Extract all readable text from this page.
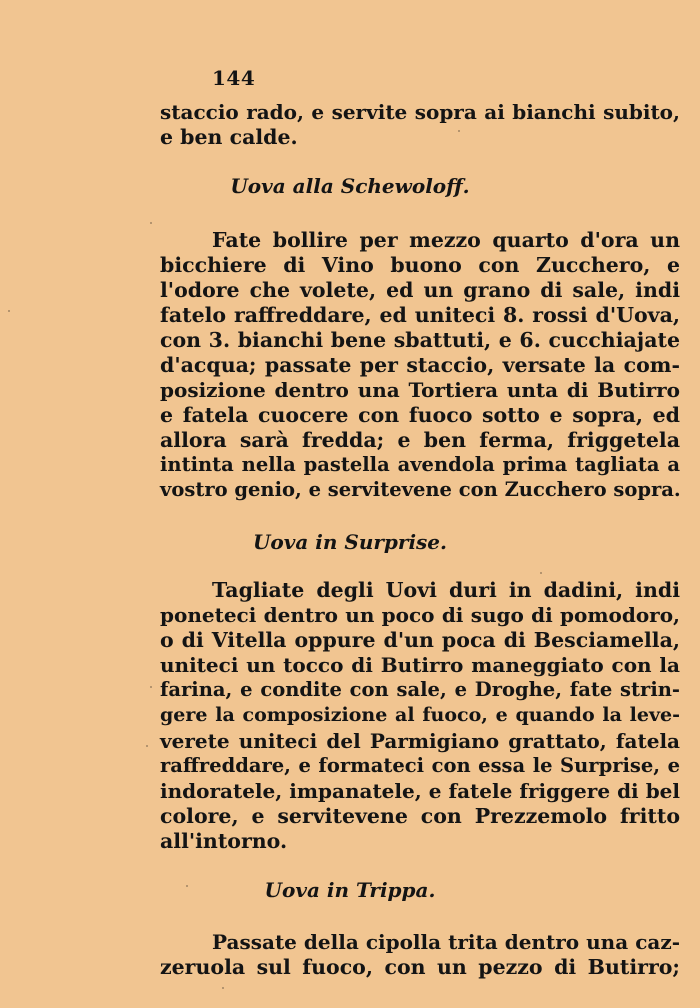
144
staccio rado, e servite sopra ai bianchi subito,
e ben calde.
Uova alla Schewoloff.
Fate bollire per mezzo quarto d'ora un
bicchiere di Vino buono con Zucchero, e
l'odore che volete, ed un grano di sale, indi
fatelo raffreddare, ed uniteci 8. rossi d'Uova,
con 3. bianchi bene sbattuti, e 6. cucchiajate
d'acqua; passate per staccio, versate la com-
posizione dentro una Tortiera unta di Butirro
e fatela cuocere con fuoco sotto e sopra, ed
allora sarà fredda; e ben ferma, friggetela
intinta nella pastella avendola prima tagliata a
vostro genio, e servitevene con Zucchero sopra.
Uova in Surprise.
Tagliate degli Uovi duri in dadini, indi
poneteci dentro un poco di sugo di pomodoro,
o di Vitella oppure d'un poca di Besciamella,
uniteci un tocco di Butirro maneggiato con la
farina, e condite con sale, e Droghe, fate strin-
gere la composizione al fuoco, e quando la leve-
verete uniteci del Parmigiano grattato, fatela
raffreddare, e formateci con essa le Surprise, e
indoratele, impanatele, e fatele friggere di bel
colore, e servitevene con Prezzemolo fritto
all'intorno.
Uova in Trippa.
Passate della cipolla trita dentro una caz-
zeruola sul fuoco, con un pezzo di Butirro;
